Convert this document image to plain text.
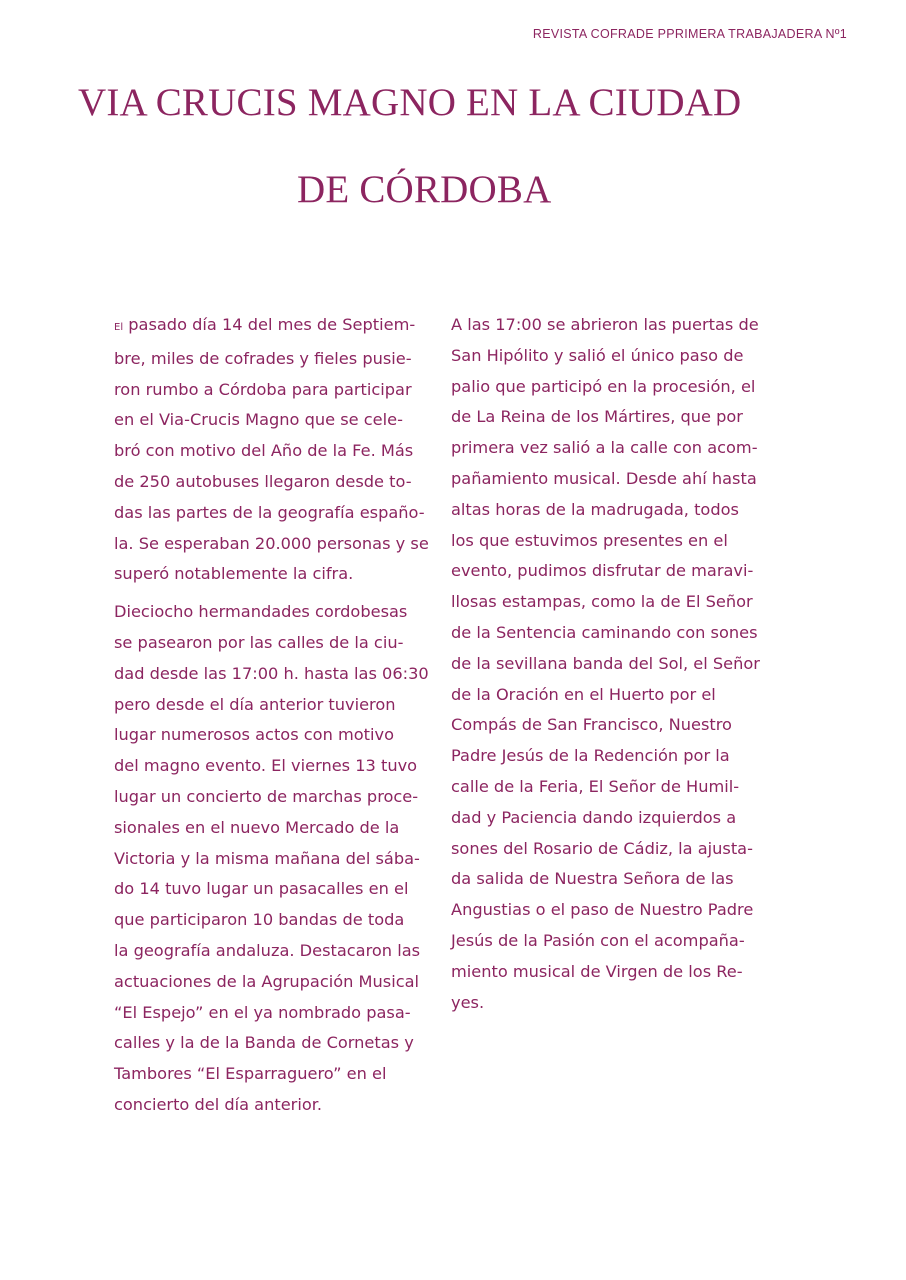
REVISTA COFRADE PPRIMERA TRABAJADERA Nº1
VIA CRUCIS MAGNO EN LA CIUDAD
DE CÓRDOBA

El pasado día 14 del mes de Septiem-
bre, miles de cofrades y fieles pusie-
ron rumbo a Córdoba para participar
en el Via-Crucis Magno que se cele-
bró con motivo del Año de la Fe. Más
de 250 autobuses llegaron desde to-
das las partes de la geografía españo-
la. Se esperaban 20.000 personas y se
superó notablemente la cifra.

Dieciocho hermandades cordobesas
se pasearon por las calles de la ciu-
dad desde las 17:00 h. hasta las 06:30
pero desde el día anterior tuvieron
lugar numerosos actos con motivo
del magno evento. El viernes 13 tuvo
lugar un concierto de marchas proce-
sionales en el nuevo Mercado de la
Victoria y la misma mañana del sába-
do 14 tuvo lugar un pasacalles en el
que participaron 10 bandas de toda
la geografía andaluza. Destacaron las
actuaciones de la Agrupación Musical
“El Espejo” en el ya nombrado pasa-
calles y la de la Banda de Cornetas y
Tambores “El Esparraguero” en el
concierto del día anterior.

A las 17:00 se abrieron las puertas de
San Hipólito y salió el único paso de
palio que participó en la procesión, el
de La Reina de los Mártires, que por
primera vez salió a la calle con acom-
pañamiento musical. Desde ahí hasta
altas horas de la madrugada, todos
los que estuvimos presentes en el
evento, pudimos disfrutar de maravi-
llosas estampas, como la de El Señor
de la Sentencia caminando con sones
de la sevillana banda del Sol, el Señor
de la Oración en el Huerto por el
Compás de San Francisco, Nuestro
Padre Jesús de la Redención por la
calle de la Feria, El Señor de Humil-
dad y Paciencia dando izquierdos a
sones del Rosario de Cádiz, la ajusta-
da salida de Nuestra Señora de las
Angustias o el paso de Nuestro Padre
Jesús de la Pasión con el acompaña-
miento musical de Virgen de los Re-
yes.
